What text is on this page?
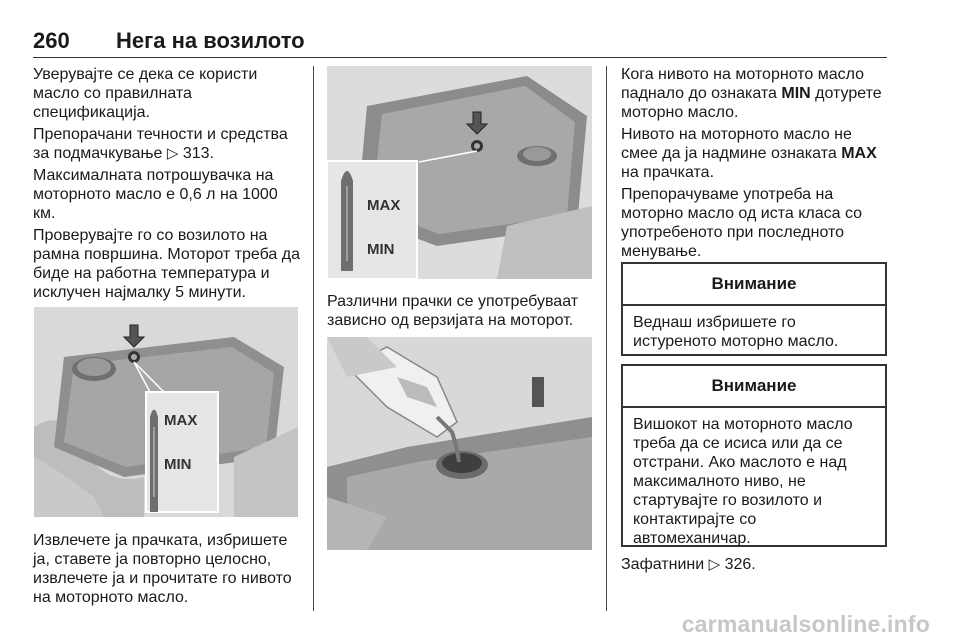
260 Нега на возилото

Уверувајте се дека се користи масло со правилната спецификација.

Препорачани течности и средства за подмачкување ▷ 313.

Максималната потрошувачка на моторното масло е 0,6 л на 1000 км.

Проверувајте го со возилото на рамна површина. Моторот треба да биде на работна температура и исклучен најмалку 5 минути.

MAX
MIN

Извлечете ја прачката, избришете ја, ставете ја повторно целосно, извлечете ја и прочитате го нивото на моторното масло.

MAX
MIN

Различни прачки се употребуваат зависно од верзијата на моторот.

Кога нивото на моторното масло паднало до ознаката MIN дотурете моторно масло.

Нивото на моторното масло не смее да ја надмине ознаката MAX на прачката.

Препорачуваме употреба на моторно масло од иста класа со употребеното при последното менување.

Внимание
Веднаш избришете го истуреното моторно масло.
Внимание
Вишокот на моторното масло треба да се исиса или да се отстрани. Ако маслото е над максималното ниво, не стартувајте го возилото и контактирајте со автомеханичар.

Зафатнини ▷ 326.

carmanualsonline.info
